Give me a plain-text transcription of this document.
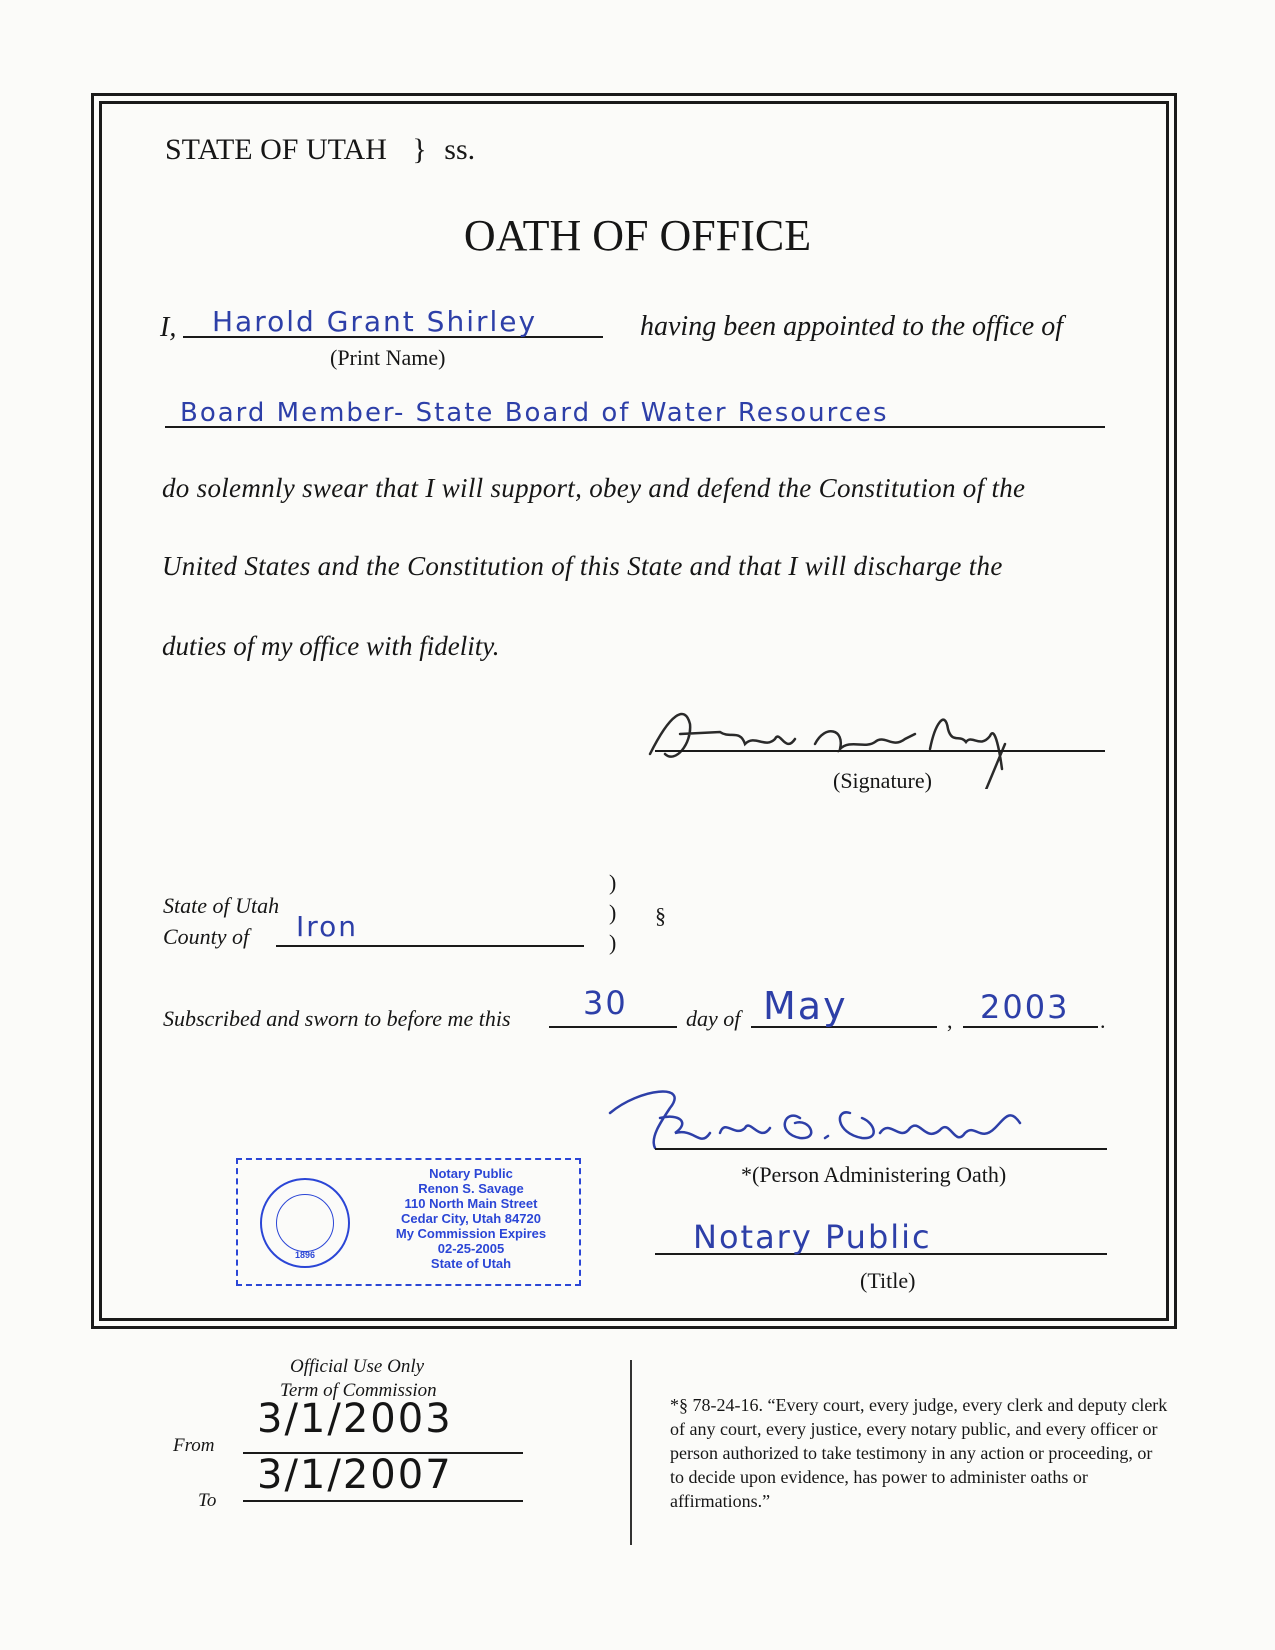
STATE OF UTAH } ss.
OATH OF OFFICE
I, Harold Grant Shirley
(Print Name)
having been appointed to the office of
Board Member- State Board of Water Resources
do solemnly swear that I will support, obey and defend the Constitution of the
United States and the Constitution of this State and that I will discharge the
duties of my office with fidelity.
(Signature)
State of Utah
County of Iron
)
)
)
§
Subscribed and sworn to before me this 30	day of May	, 2003 .
*(Person Administering Oath)
Notary Public
(Title)
1896
Notary Public
Renon S. Savage
110 North Main Street
Cedar City, Utah 84720
My Commission Expires
02-25-2005
State of Utah
Official Use Only
Term of Commission
From
3/1/2003
To
3/1/2007
*§ 78-24-16. “Every court, every judge, every clerk and deputy clerk of any court, every justice, every notary public, and every officer or person authorized to take testimony in any action or proceeding, or to decide upon evidence, has power to administer oaths or affirmations.”
